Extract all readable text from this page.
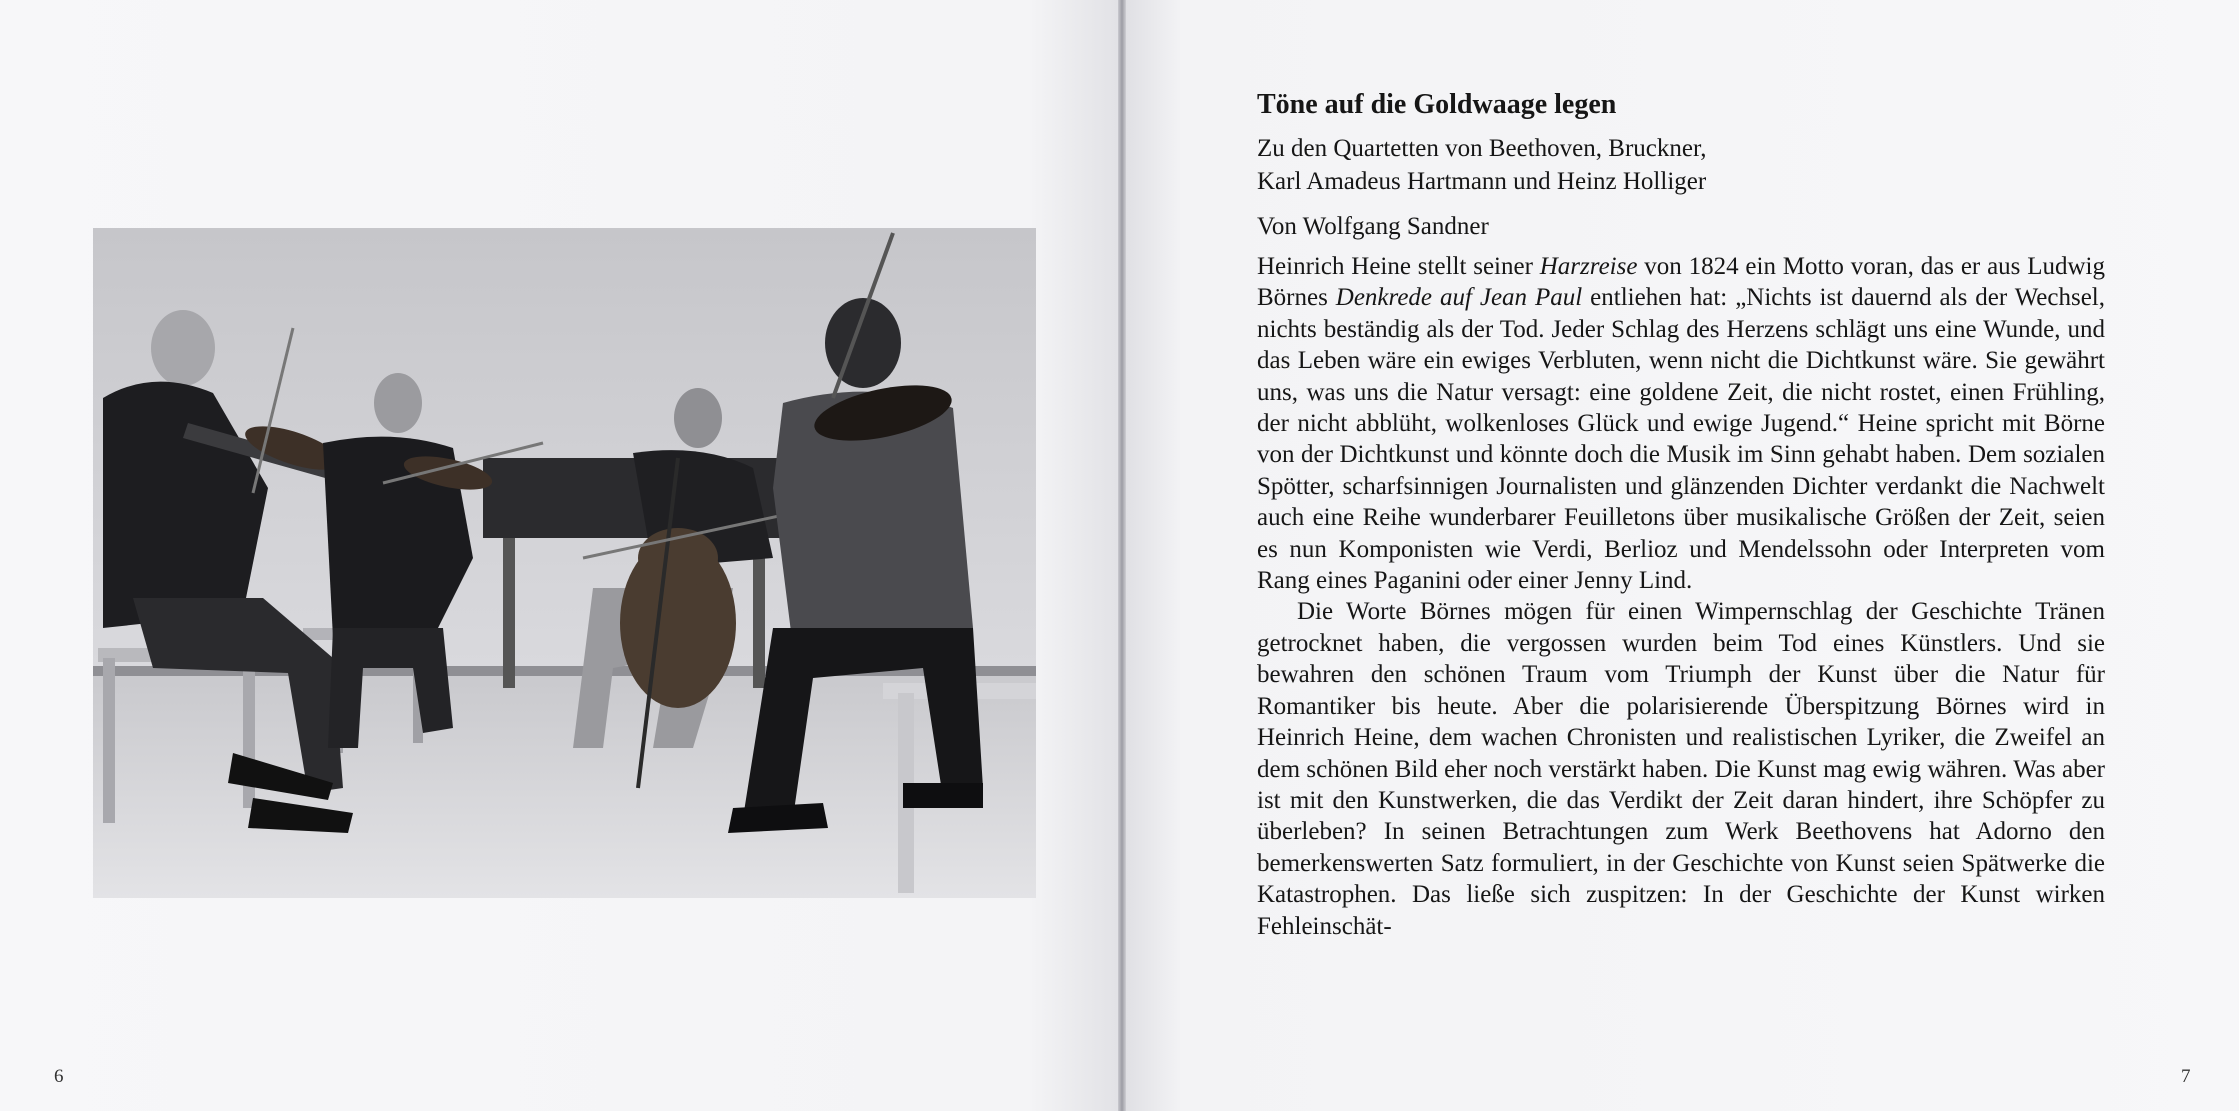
6	7
Töne auf die Goldwaage legen

Zu den Quartetten von Beethoven, Bruckner,

Karl Amadeus Hartmann und Heinz Holliger

Von Wolfgang Sandner

Heinrich Heine stellt seiner Harzreise von 1824 ein Motto voran, das er aus Ludwig Börnes Denkrede auf Jean Paul entliehen hat: „Nichts ist dauernd als der Wechsel, nichts beständig als der Tod. Jeder Schlag des Herzens schlägt uns eine Wunde, und das Leben wäre ein ewiges Verbluten, wenn nicht die Dichtkunst wäre. Sie gewährt uns, was uns die Natur versagt: eine goldene Zeit, die nicht rostet, einen Frühling, der nicht abblüht, wolkenloses Glück und ewige Jugend.“ Heine spricht mit Börne von der Dichtkunst und könnte doch die Musik im Sinn gehabt haben. Dem sozialen Spötter, scharfsinnigen Journalisten und glänzenden Dichter verdankt die Nachwelt auch eine Reihe wunderbarer Feuilletons über musikalische Größen der Zeit, seien es nun Komponisten wie Verdi, Berlioz und Mendelssohn oder Interpreten vom Rang eines Paganini oder einer Jenny Lind.

Die Worte Börnes mögen für einen Wimpernschlag der Geschichte Tränen getrocknet haben, die vergossen wurden beim Tod eines Künstlers. Und sie bewahren den schönen Traum vom Triumph der Kunst über die Natur für Romantiker bis heute. Aber die polarisierende Überspitzung Börnes wird in Heinrich Heine, dem wachen Chronisten und realistischen Lyriker, die Zweifel an dem schönen Bild eher noch verstärkt haben. Die Kunst mag ewig währen. Was aber ist mit den Kunstwerken, die das Verdikt der Zeit daran hindert, ihre Schöpfer zu überleben? In seinen Betrachtungen zum Werk Beethovens hat Adorno den bemerkenswerten Satz formuliert, in der Geschichte von Kunst seien Spätwerke die Katastrophen. Das ließe sich zuspitzen: In der Geschichte der Kunst wirken Fehleinschät-
